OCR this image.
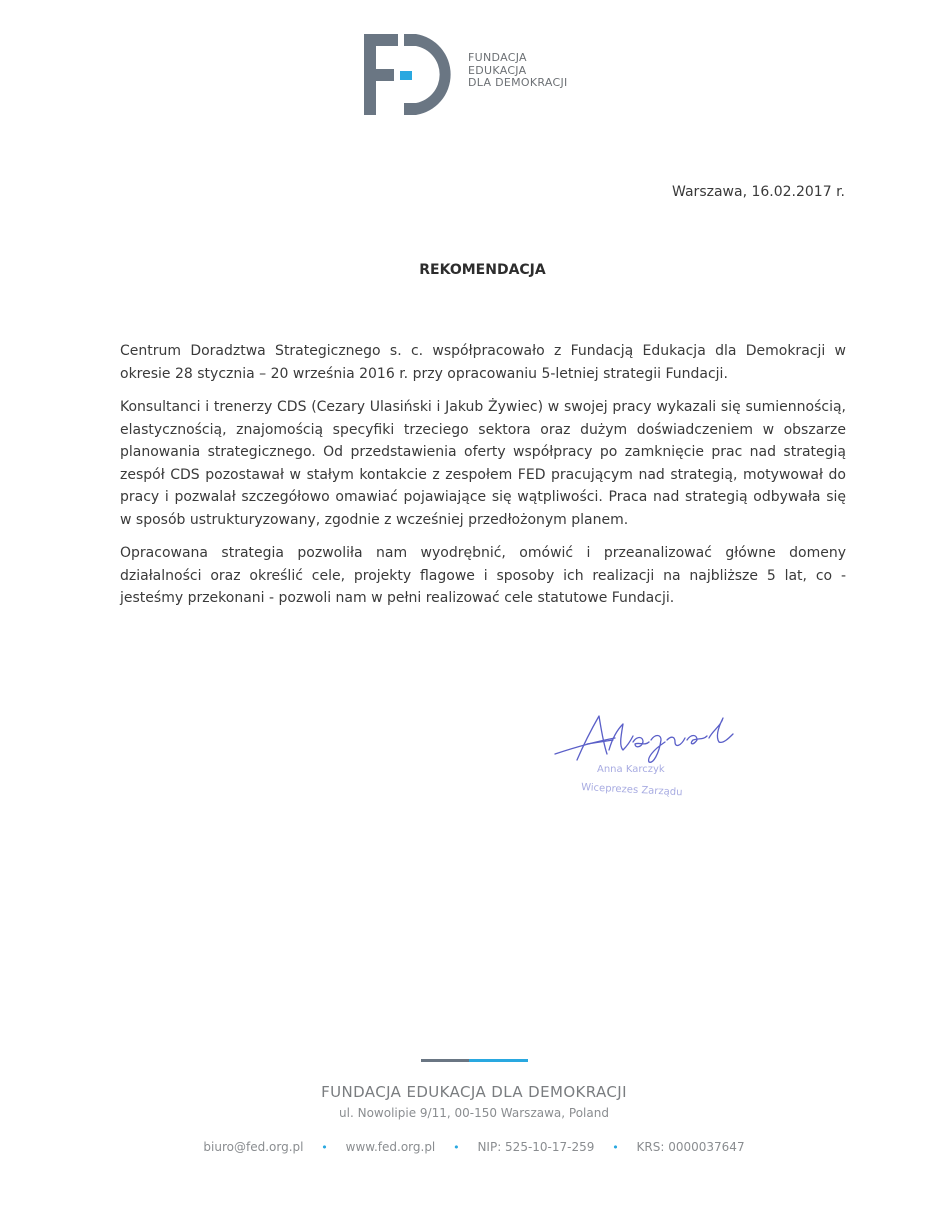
FUNDACJA
EDUKACJA
DLA DEMOKRACJI
Warszawa, 16.02.2017 r.
REKOMENDACJA

Centrum Doradztwa Strategicznego s. c. współpracowało z Fundacją Edukacja dla Demokracji w okresie 28 stycznia – 20 września 2016 r. przy opracowaniu 5-letniej strategii Fundacji.

Konsultanci i trenerzy CDS (Cezary Ulasiński i Jakub Żywiec) w swojej pracy wykazali się sumiennością, elastycznością, znajomością specyfiki trzeciego sektora oraz dużym doświadczeniem w obszarze planowania strategicznego. Od przedstawienia oferty współpracy po zamknięcie prac nad strategią zespół CDS pozostawał w stałym kontakcie z zespołem FED pracującym nad strategią, motywował do pracy i pozwalał szczegółowo omawiać pojawiające się wątpliwości. Praca nad strategią odbywała się w sposób ustrukturyzowany, zgodnie z wcześniej przedłożonym planem.

Opracowana strategia pozwoliła nam wyodrębnić, omówić i przeanalizować główne domeny działalności oraz określić cele, projekty flagowe i sposoby ich realizacji na najbliższe 5 lat, co - jesteśmy przekonani - pozwoli nam w pełni realizować cele statutowe Fundacji.

Anna Karczyk
Wiceprezes Zarządu
FUNDACJA EDUKACJA DLA DEMOKRACJI
ul. Nowolipie 9/11, 00-150 Warszawa, Poland
biuro@fed.org.pl • www.fed.org.pl • NIP: 525-10-17-259 • KRS: 0000037647
